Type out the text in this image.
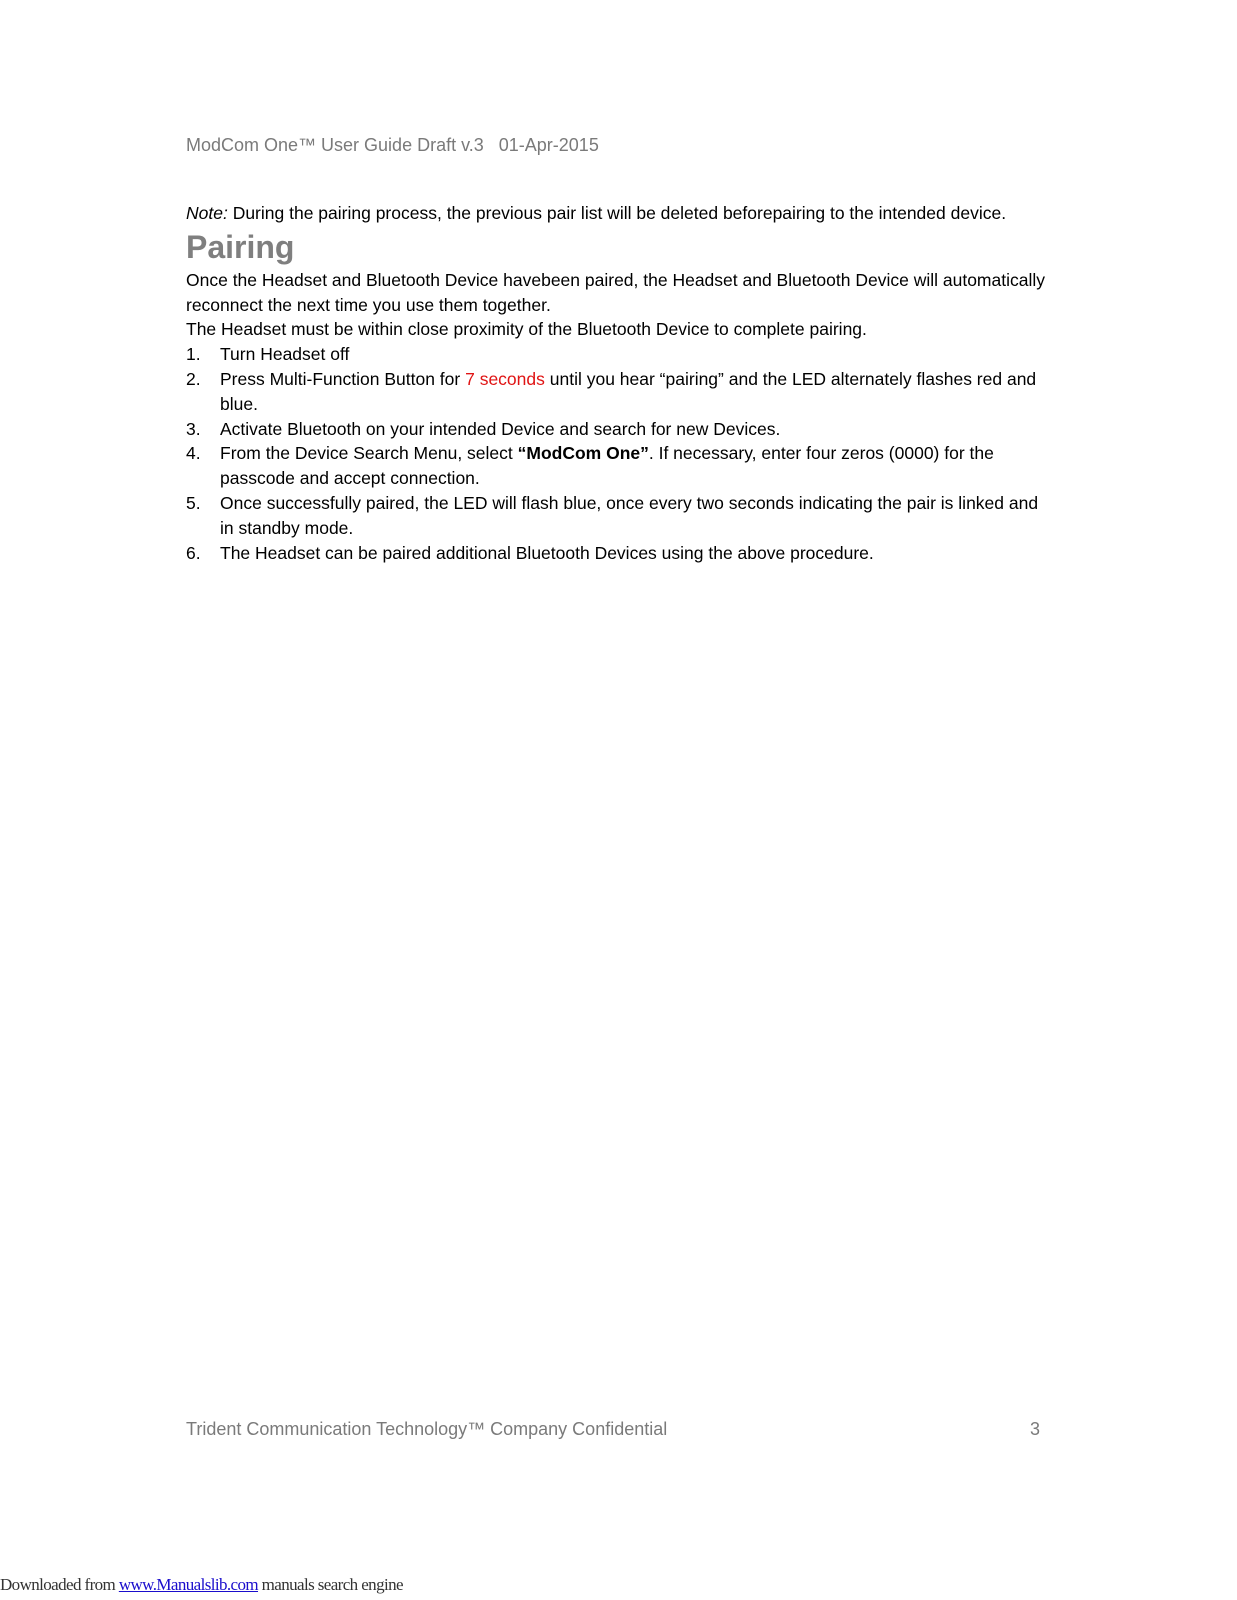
ModCom One™ User Guide Draft v.3   01-Apr-2015

Note: During the pairing process, the previous pair list will be deleted beforepairing to the intended device.

Pairing

Once the Headset and Bluetooth Device havebeen paired, the Headset and Bluetooth Device will automatically reconnect the next time you use them together.

The Headset must be within close proximity of the Bluetooth Device to complete pairing.

1. Turn Headset off
2. Press Multi-Function Button for 7 seconds until you hear “pairing” and the LED alternately flashes red and blue.
3. Activate Bluetooth on your intended Device and search for new Devices.
4. From the Device Search Menu, select “ModCom One”. If necessary, enter four zeros (0000) for the passcode and accept connection.
5. Once successfully paired, the LED will flash blue, once every two seconds indicating the pair is linked and in standby mode.
6. The Headset can be paired additional Bluetooth Devices using the above procedure.
Trident Communication Technology™ Company Confidential	3
Downloaded from www.Manualslib.com manuals search engine
